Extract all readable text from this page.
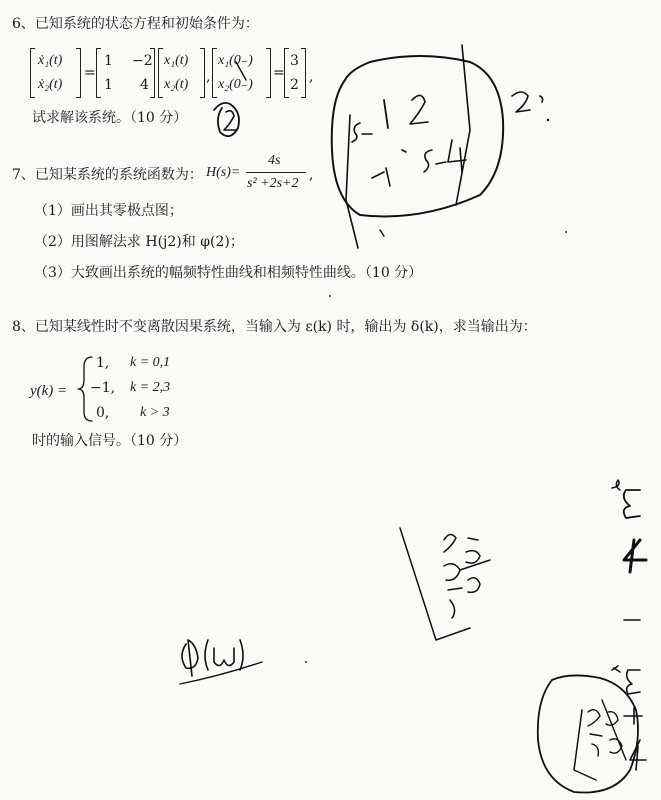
6、已知系统的状态方程和初始条件为：
ẋ₁(t)
ẋ₂(t)
=
1 −2
1 4
x₁(t)
x₂(t) ,
x₁(0₋)
x₂(0₋)
=
3
2 ,
试求解该系统。（10 分）
7、已知某系统的系统函数为： H(s)=
4s
s² +2s+2
,
（1）画出其零极点图；
（2）用图解法求 H(j2)和 φ(2)；
（3）大致画出系统的幅频特性曲线和相频特性曲线。（10 分）
8、已知某线性时不变离散因果系统，当输入为 ε(k) 时，输出为 δ(k)，求当输出为：
y(k) =
1, k = 0,1
−1, k = 2,3
0, k > 3
时的输入信号。（10 分）
